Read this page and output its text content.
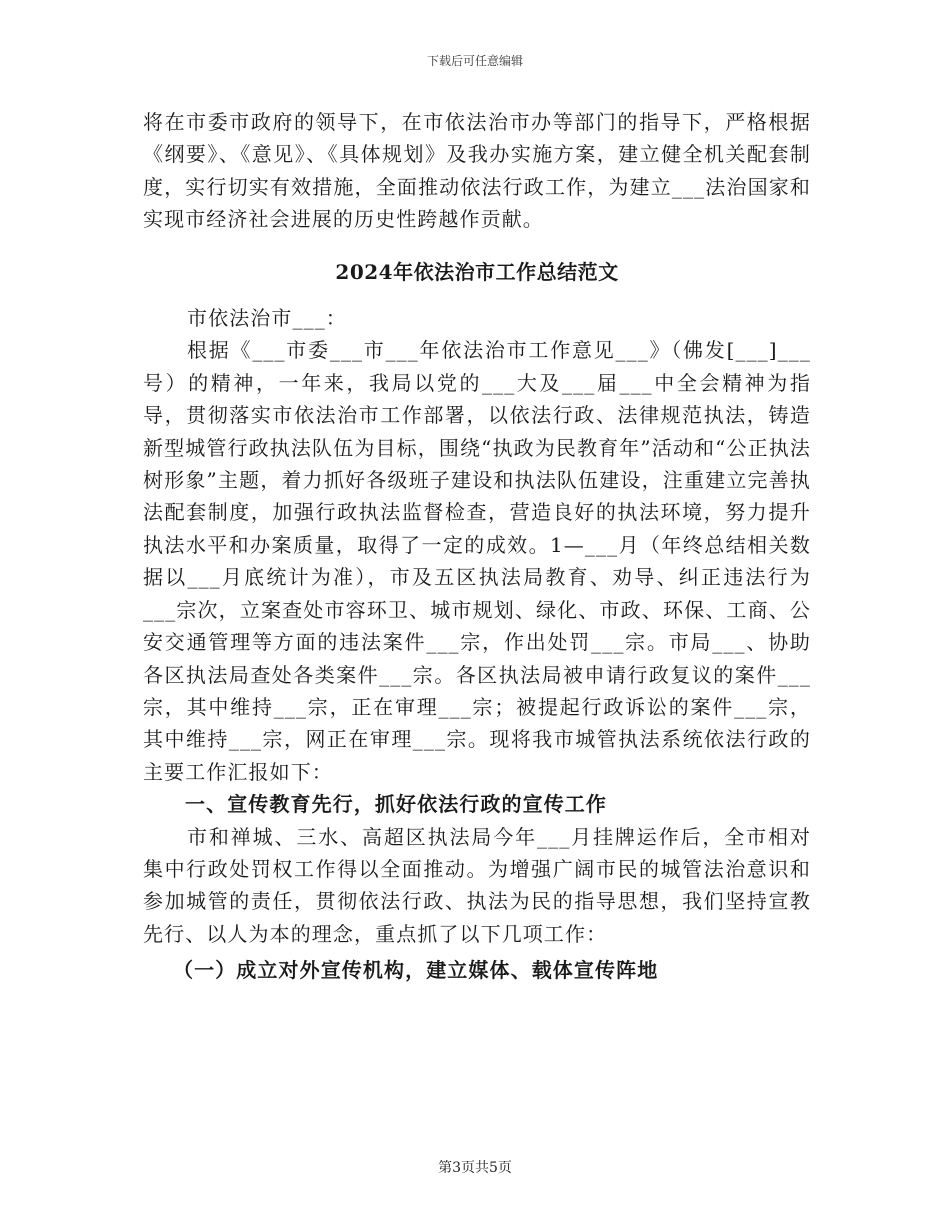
下载后可任意编辑

将在市委市政府的领导下，在市依法治市办等部门的指导下，严格根据《纲要》、《意见》、《具体规划》及我办实施方案，建立健全机关配套制度，实行切实有效措施，全面推动依法行政工作，为建立___法治国家和实现市经济社会进展的历史性跨越作贡献。

2024年依法治市工作总结范文

市依法治市___：

根据《___市委___市___年依法治市工作意见___》（佛发[___]___号）的精神，一年来，我局以党的___大及___届___中全会精神为指导，贯彻落实市依法治市工作部署，以依法行政、法律规范执法，铸造新型城管行政执法队伍为目标，围绕“执政为民教育年”活动和“公正执法树形象”主题，着力抓好各级班子建设和执法队伍建设，注重建立完善执法配套制度，加强行政执法监督检查，营造良好的执法环境，努力提升执法水平和办案质量，取得了一定的成效。1—___月（年终总结相关数据以___月底统计为准），市及五区执法局教育、劝导、纠正违法行为___宗次，立案查处市容环卫、城市规划、绿化、市政、环保、工商、公安交通管理等方面的违法案件___宗，作出处罚___宗。市局___、协助各区执法局查处各类案件___宗。各区执法局被申请行政复议的案件___宗，其中维持___宗，正在审理___宗；被提起行政诉讼的案件___宗，其中维持___宗，网正在审理___宗。现将我市城管执法系统依法行政的主要工作汇报如下：

一、宣传教育先行，抓好依法行政的宣传工作

市和禅城、三水、高超区执法局今年___月挂牌运作后，全市相对集中行政处罚权工作得以全面推动。为增强广阔市民的城管法治意识和参加城管的责任，贯彻依法行政、执法为民的指导思想，我们坚持宣教先行、以人为本的理念，重点抓了以下几项工作：

（一）成立对外宣传机构，建立媒体、载体宣传阵地

第3页共5页
